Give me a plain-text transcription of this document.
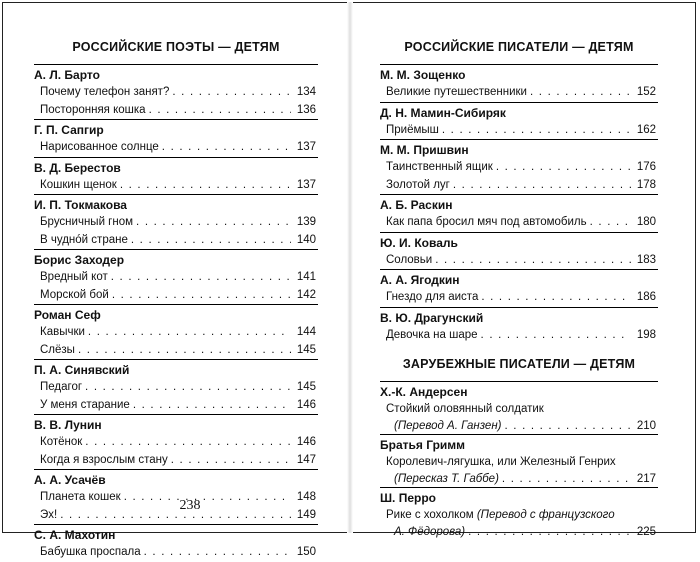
РОССИЙСКИЕ ПОЭТЫ — ДЕТЯМ
А. Л. Барто
Почему телефон занят? . . .	134
Посторонняя кошка . . .	136
Г. П. Сапгир
Нарисованное солнце . . .	137
В. Д. Берестов
Кошкин щенок . . .	137
И. П. Токмакова
Брусничный гном . . .	139
В чуднóй стране . . .	140
Борис Заходер
Вредный кот . . .	141
Морской бой . . .	142
Роман Сеф
Кавычки . . .	144
Слёзы . . .	145
П. А. Синявский
Педагог . . .	145
У меня старание . . .	146
В. В. Лунин
Котёнок . . .	146
Когда я взрослым стану . . .	147
А. А. Усачёв
Планета кошек . . .	148
Эх! . . .	149
С. А. Махотин
Бабушка проспала . . .	150
238
РОССИЙСКИЕ ПИСАТЕЛИ — ДЕТЯМ
М. М. Зощенко
Великие путешественники . . .	152
Д. Н. Мамин-Сибиряк
Приёмыш . . .	162
М. М. Пришвин
Таинственный ящик . . .	176
Золотой луг . . .	178
А. Б. Раскин
Как папа бросил мяч под автомобиль . . .	180
Ю. И. Коваль
Соловьи . . .	183
А. А. Ягодкин
Гнездо для аиста . . .	186
В. Ю. Драгунский
Девочка на шаре . . .	198
ЗАРУБЕЖНЫЕ ПИСАТЕЛИ — ДЕТЯМ
Х.-К. Андерсен
Стойкий оловянный солдатик
(Перевод А. Ганзен) . . .	210
Братья Гримм
Королевич-лягушка, или Железный Генрих
(Пересказ Т. Габбе) . . .	217
Ш. Перро
Рике с хохолком (Перевод с французского
А. Фёдорова) . . .	225
